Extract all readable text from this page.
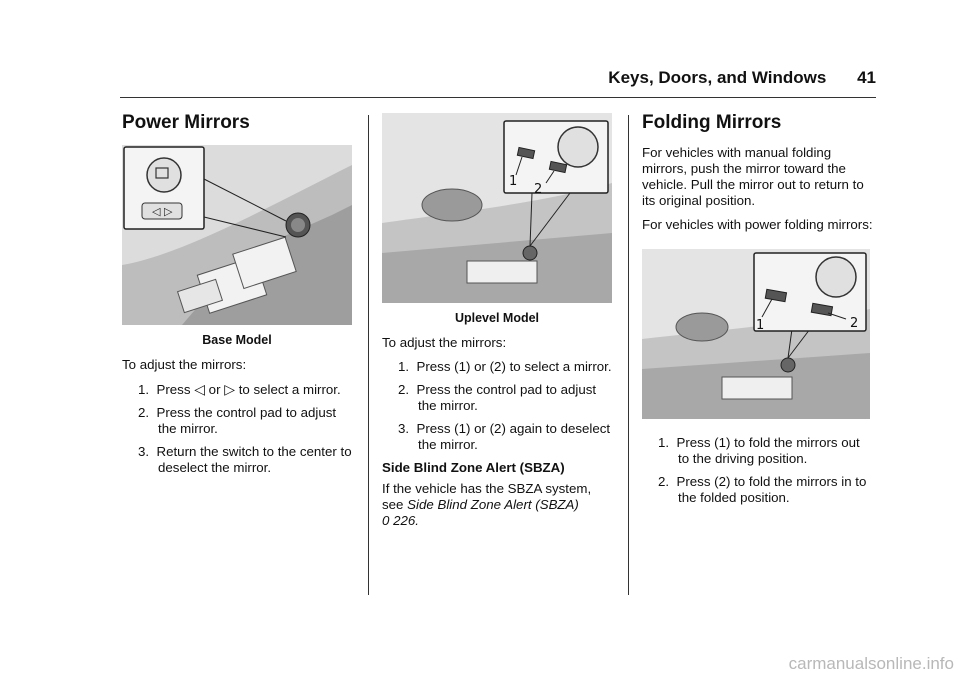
Keys, Doors, and Windows 41
Power Mirrors
◁ ▷
Base Model

To adjust the mirrors:

1. Press ◁ or ▷ to select a mirror.
2. Press the control pad to adjust the mirror.
3. Return the switch to the center to deselect the mirror.
1
2
Uplevel Model

To adjust the mirrors:

1. Press (1) or (2) to select a mirror.
2. Press the control pad to adjust the mirror.
3. Press (1) or (2) again to deselect the mirror.
Side Blind Zone Alert (SBZA)

If the vehicle has the SBZA system, see Side Blind Zone Alert (SBZA)
0 226.

Folding Mirrors

For vehicles with manual folding mirrors, push the mirror toward the vehicle. Pull the mirror out to return to its original position.

For vehicles with power folding mirrors:

1	2
1. Press (1) to fold the mirrors out to the driving position.
2. Press (2) to fold the mirrors in to the folded position.
carmanualsonline.info
